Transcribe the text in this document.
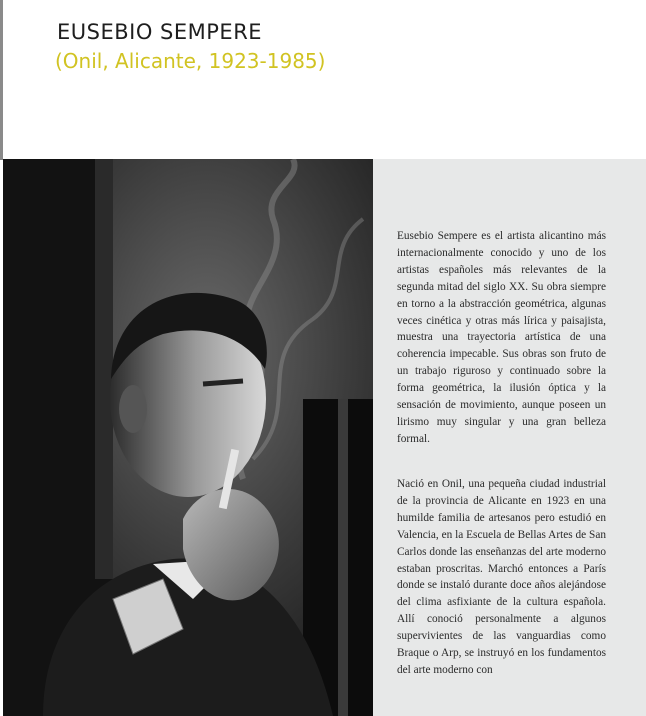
EUSEBIO SEMPERE
(Onil, Alicante, 1923-1985)

Eusebio Sempere es el artista alicantino más internacionalmente conocido y uno de los artistas españoles más relevantes de la segunda mitad del siglo XX. Su obra siempre en torno a la abstracción geométrica, algunas veces cinética y otras más lírica y paisajista, muestra una trayectoria artística de una coherencia impecable. Sus obras son fruto de un trabajo riguroso y continuado sobre la forma geométrica, la ilusión óptica y la sensación de movimiento, aunque poseen un lirismo muy singular y una gran belleza formal.

Nació en Onil, una pequeña ciudad industrial de la provincia de Alicante en 1923 en una humilde familia de artesanos pero estudió en Valencia, en la Escuela de Bellas Artes de San Carlos donde las enseñanzas del arte moderno estaban proscritas. Marchó entonces a París donde se instaló durante doce años alejándose del clima asfixiante de la cultura española. Allí conoció personalmente a algunos supervivientes de las vanguardias como Braque o Arp, se instruyó en los fundamentos del arte moderno con
